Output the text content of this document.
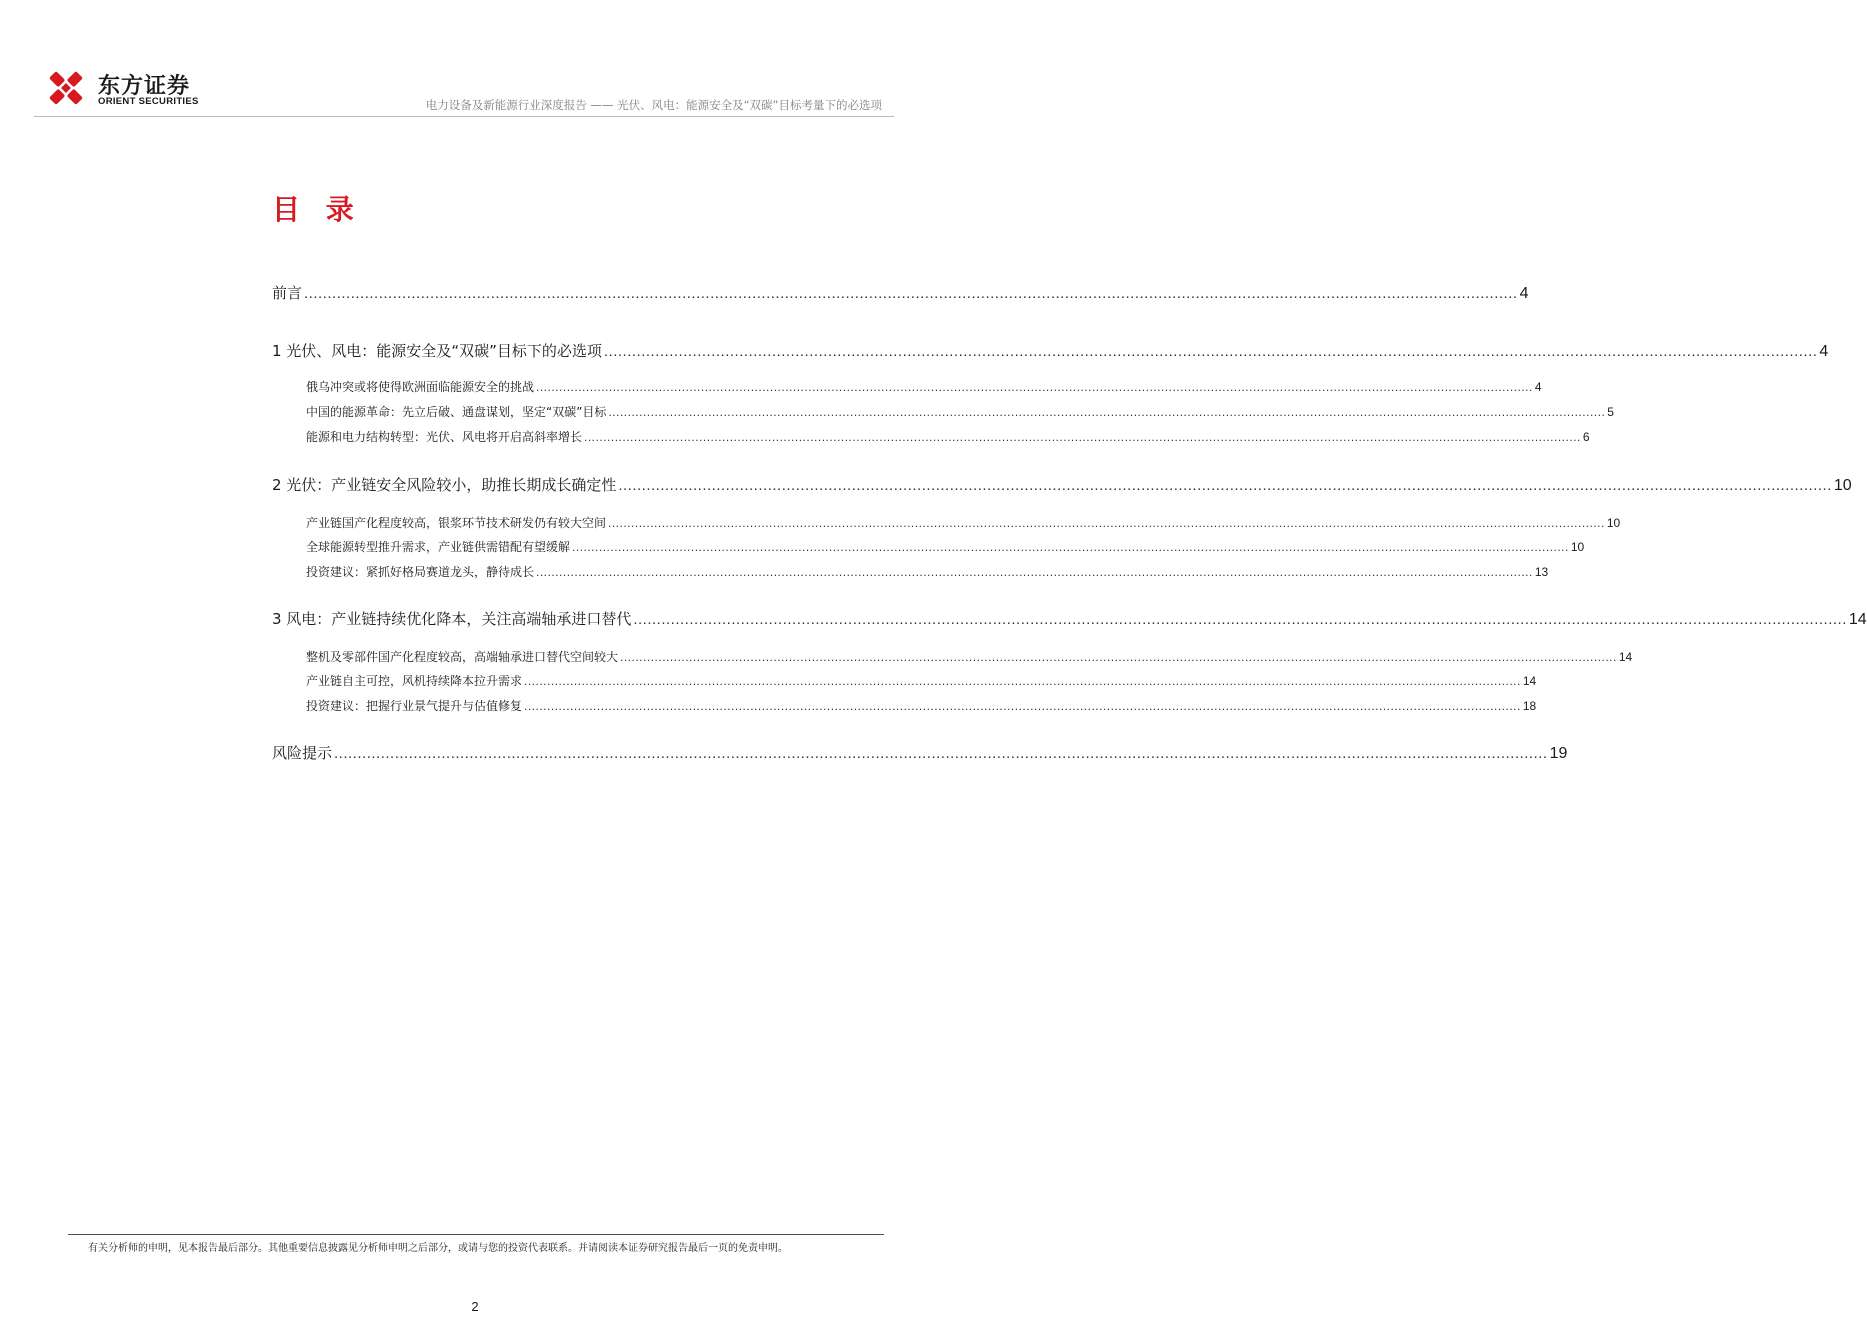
东方证券
ORIENT SECURITIES	电力设备及新能源行业深度报告 —— 光伏、风电：能源安全及“双碳”目标考量下的必选项
目 录
前言 .................................................................................................................................................................................................................................................................... 4
1 光伏、风电：能源安全及“双碳”目标下的必选项 .................................................................................................................................................................................................................................................................... 4
俄乌冲突或将使得欧洲面临能源安全的挑战 .................................................................................................................................................................................................................................................................... 4
中国的能源革命：先立后破、通盘谋划，坚定“双碳”目标 .................................................................................................................................................................................................................................................................... 5
能源和电力结构转型：光伏、风电将开启高斜率增长 .................................................................................................................................................................................................................................................................... 6
2 光伏：产业链安全风险较小，助推长期成长确定性 .................................................................................................................................................................................................................................................................... 10
产业链国产化程度较高，银浆环节技术研发仍有较大空间 .................................................................................................................................................................................................................................................................... 10
全球能源转型推升需求，产业链供需错配有望缓解 .................................................................................................................................................................................................................................................................... 10
投资建议：紧抓好格局赛道龙头，静待成长 .................................................................................................................................................................................................................................................................... 13
3 风电：产业链持续优化降本，关注高端轴承进口替代 .................................................................................................................................................................................................................................................................... 14
整机及零部件国产化程度较高，高端轴承进口替代空间较大 .................................................................................................................................................................................................................................................................... 14
产业链自主可控，风机持续降本拉升需求 .................................................................................................................................................................................................................................................................... 14
投资建议：把握行业景气提升与估值修复 .................................................................................................................................................................................................................................................................... 18
风险提示 .................................................................................................................................................................................................................................................................... 19
有关分析师的申明，见本报告最后部分。其他重要信息披露见分析师申明之后部分，或请与您的投资代表联系。并请阅读本证券研究报告最后一页的免责申明。
2
